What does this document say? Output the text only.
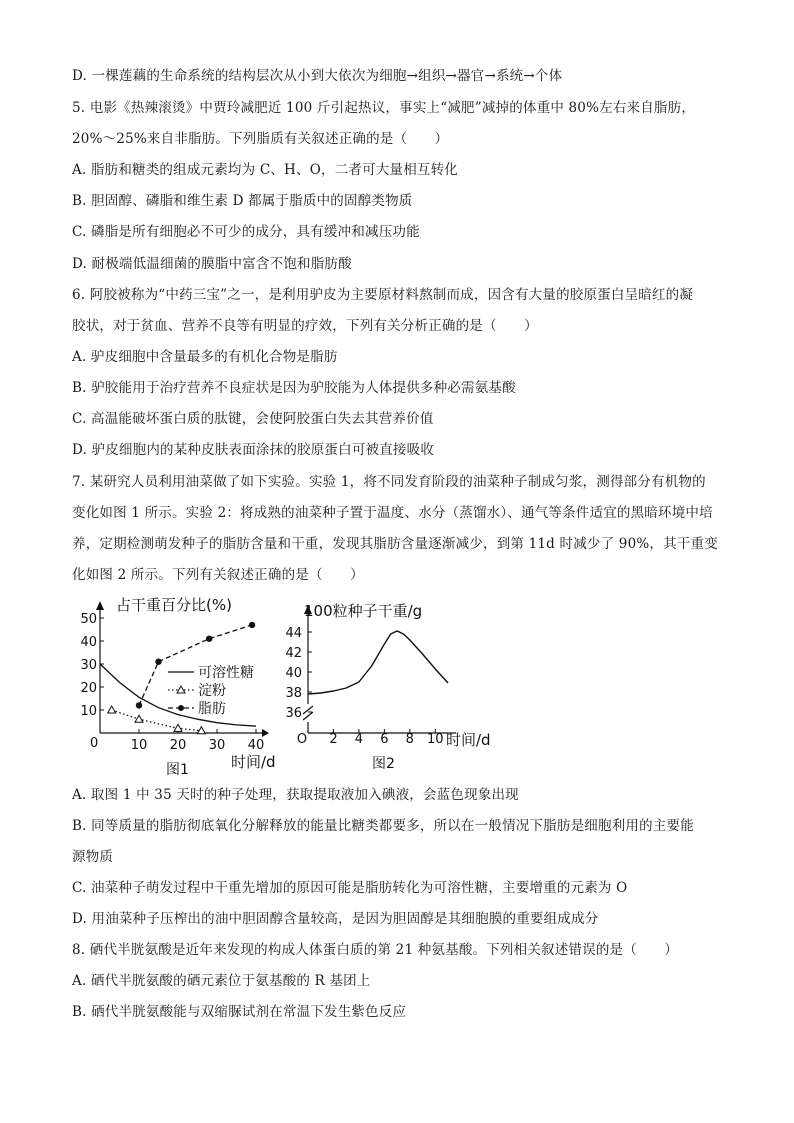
D. 一棵莲藕的生命系统的结构层次从小到大依次为细胞→组织→器官→系统→个体
5. 电影《热辣滚烫》中贾玲减肥近 100 斤引起热议，事实上“减肥”减掉的体重中 80%左右来自脂肪，
20%～25%来自非脂肪。下列脂质有关叙述正确的是（　　）
A. 脂肪和糖类的组成元素均为 C、H、O，二者可大量相互转化
B. 胆固醇、磷脂和维生素 D 都属于脂质中的固醇类物质
C. 磷脂是所有细胞必不可少的成分，具有缓冲和减压功能
D. 耐极端低温细菌的膜脂中富含不饱和脂肪酸
6. 阿胶被称为“中药三宝”之一，是利用驴皮为主要原材料熬制而成，因含有大量的胶原蛋白呈暗红的凝
胶状，对于贫血、营养不良等有明显的疗效，下列有关分析正确的是（　　）
A. 驴皮细胞中含量最多的有机化合物是脂肪
B. 驴胶能用于治疗营养不良症状是因为驴胶能为人体提供多种必需氨基酸
C. 高温能破坏蛋白质的肽键，会使阿胶蛋白失去其营养价值
D. 驴皮细胞内的某种皮肤表面涂抹的胶原蛋白可被直接吸收
7. 某研究人员利用油菜做了如下实验。实验 1，将不同发育阶段的油菜种子制成匀浆，测得部分有机物的
变化如图 1 所示。实验 2：将成熟的油菜种子置于温度、水分（蒸馏水）、通气等条件适宜的黑暗环境中培
养，定期检测萌发种子的脂肪含量和干重，发现其脂肪含量逐渐减少，到第 11d 时减少了 90%，其干重变
化如图 2 所示。下列有关叙述正确的是（　　）
占干重百分比(%)
0 10 20 30 40
10
20
30
40
50
可溶性糖
淀粉
脂肪
时间/d
图1
100粒种子干重/g
O 2 4 6 8 10
36
38
40
42
44
时间/d
图2
A. 取图 1 中 35 天时的种子处理，获取提取液加入碘液，会蓝色现象出现
B. 同等质量的脂肪彻底氧化分解释放的能量比糖类都要多，所以在一般情况下脂肪是细胞利用的主要能
源物质
C. 油菜种子萌发过程中干重先增加的原因可能是脂肪转化为可溶性糖，主要增重的元素为 O
D. 用油菜种子压榨出的油中胆固醇含量较高，是因为胆固醇是其细胞膜的重要组成成分
8. 硒代半胱氨酸是近年来发现的构成人体蛋白质的第 21 种氨基酸。下列相关叙述错误的是（　　）
A. 硒代半胱氨酸的硒元素位于氨基酸的 R 基团上
B. 硒代半胱氨酸能与双缩脲试剂在常温下发生紫色反应
